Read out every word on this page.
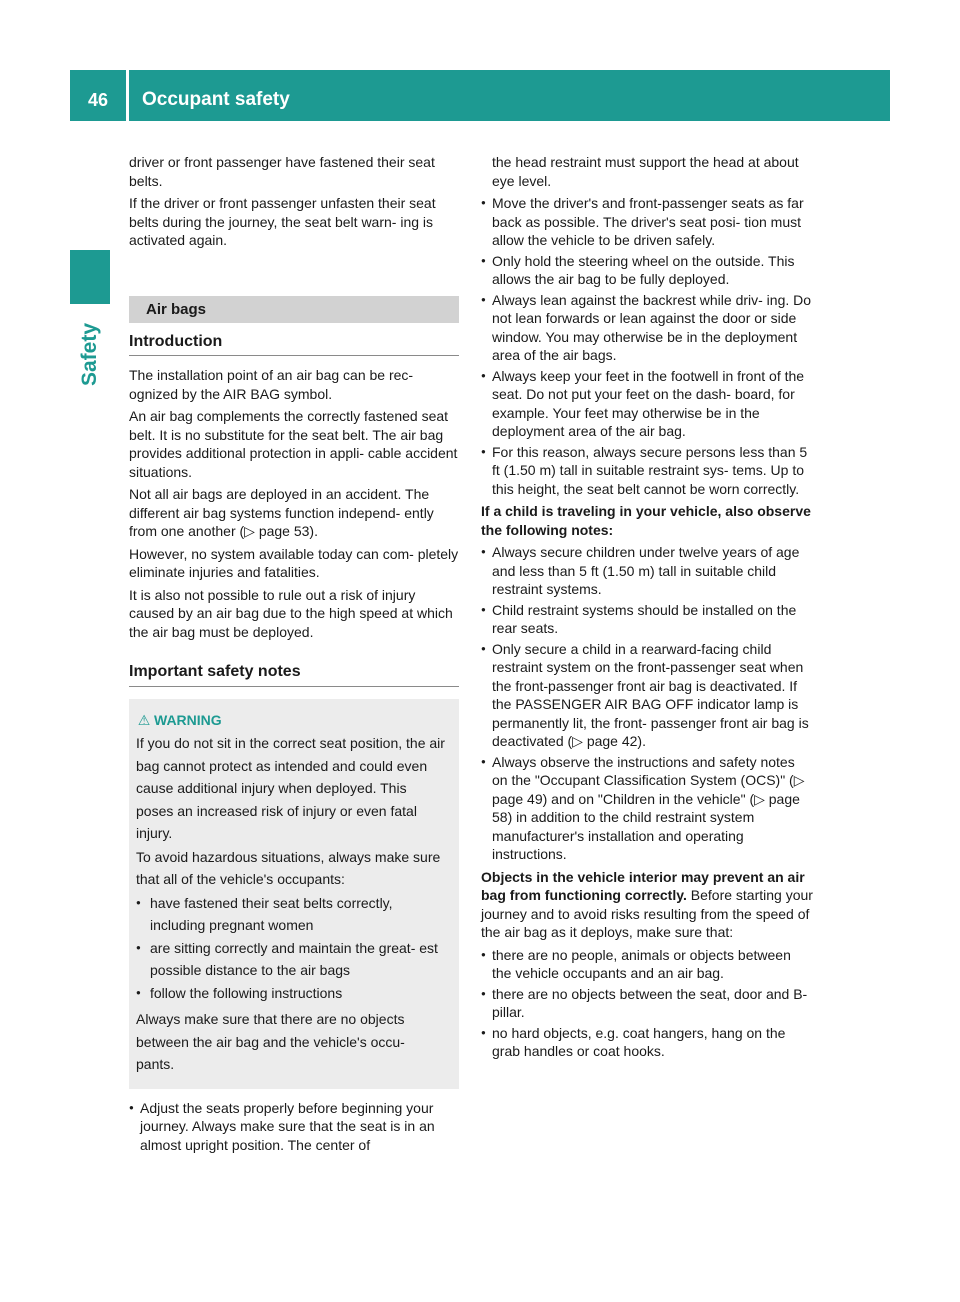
46	Occupant safety
Safety

driver or front passenger have fastened their seat belts.

If the driver or front passenger unfasten their seat belts during the journey, the seat belt warn- ing is activated again.

Air bags
Introduction

The installation point of an air bag can be rec- ognized by the AIR BAG symbol.

An air bag complements the correctly fastened seat belt. It is no substitute for the seat belt. The air bag provides additional protection in appli- cable accident situations.

Not all air bags are deployed in an accident. The different air bag systems function independ- ently from one another (▷ page 53).

However, no system available today can com- pletely eliminate injuries and fatalities.

It is also not possible to rule out a risk of injury caused by an air bag due to the high speed at which the air bag must be deployed.

Important safety notes

⚠ WARNING

If you do not sit in the correct seat position, the air bag cannot protect as intended and could even cause additional injury when deployed. This poses an increased risk of injury or even fatal injury.

To avoid hazardous situations, always make sure that all of the vehicle's occupants:

● have fastened their seat belts correctly, including pregnant women
● are sitting correctly and maintain the great- est possible distance to the air bags
● follow the following instructions

Always make sure that there are no objects between the air bag and the vehicle's occu- pants.

● Adjust the seats properly before beginning your journey. Always make sure that the seat is in an almost upright position. The center of

the head restraint must support the head at about eye level.

● Move the driver's and front-passenger seats as far back as possible. The driver's seat posi- tion must allow the vehicle to be driven safely.
● Only hold the steering wheel on the outside. This allows the air bag to be fully deployed.
● Always lean against the backrest while driv- ing. Do not lean forwards or lean against the door or side window. You may otherwise be in the deployment area of the air bags.
● Always keep your feet in the footwell in front of the seat. Do not put your feet on the dash- board, for example. Your feet may otherwise be in the deployment area of the air bag.
● For this reason, always secure persons less than 5 ft (1.50 m) tall in suitable restraint sys- tems. Up to this height, the seat belt cannot be worn correctly.

If a child is traveling in your vehicle, also observe the following notes:

● Always secure children under twelve years of age and less than 5 ft (1.50 m) tall in suitable child restraint systems.
● Child restraint systems should be installed on the rear seats.
● Only secure a child in a rearward-facing child restraint system on the front-passenger seat when the front-passenger front air bag is deactivated. If the PASSENGER AIR BAG OFF indicator lamp is permanently lit, the front- passenger front air bag is deactivated (▷ page 42).
● Always observe the instructions and safety notes on the "Occupant Classification System (OCS)" (▷ page 49) and on "Children in the vehicle" (▷ page 58) in addition to the child restraint system manufacturer's installation and operating instructions.

Objects in the vehicle interior may prevent an air bag from functioning correctly. Before starting your journey and to avoid risks resulting from the speed of the air bag as it deploys, make sure that:

● there are no people, animals or objects between the vehicle occupants and an air bag.
● there are no objects between the seat, door and B-pillar.
● no hard objects, e.g. coat hangers, hang on the grab handles or coat hooks.
